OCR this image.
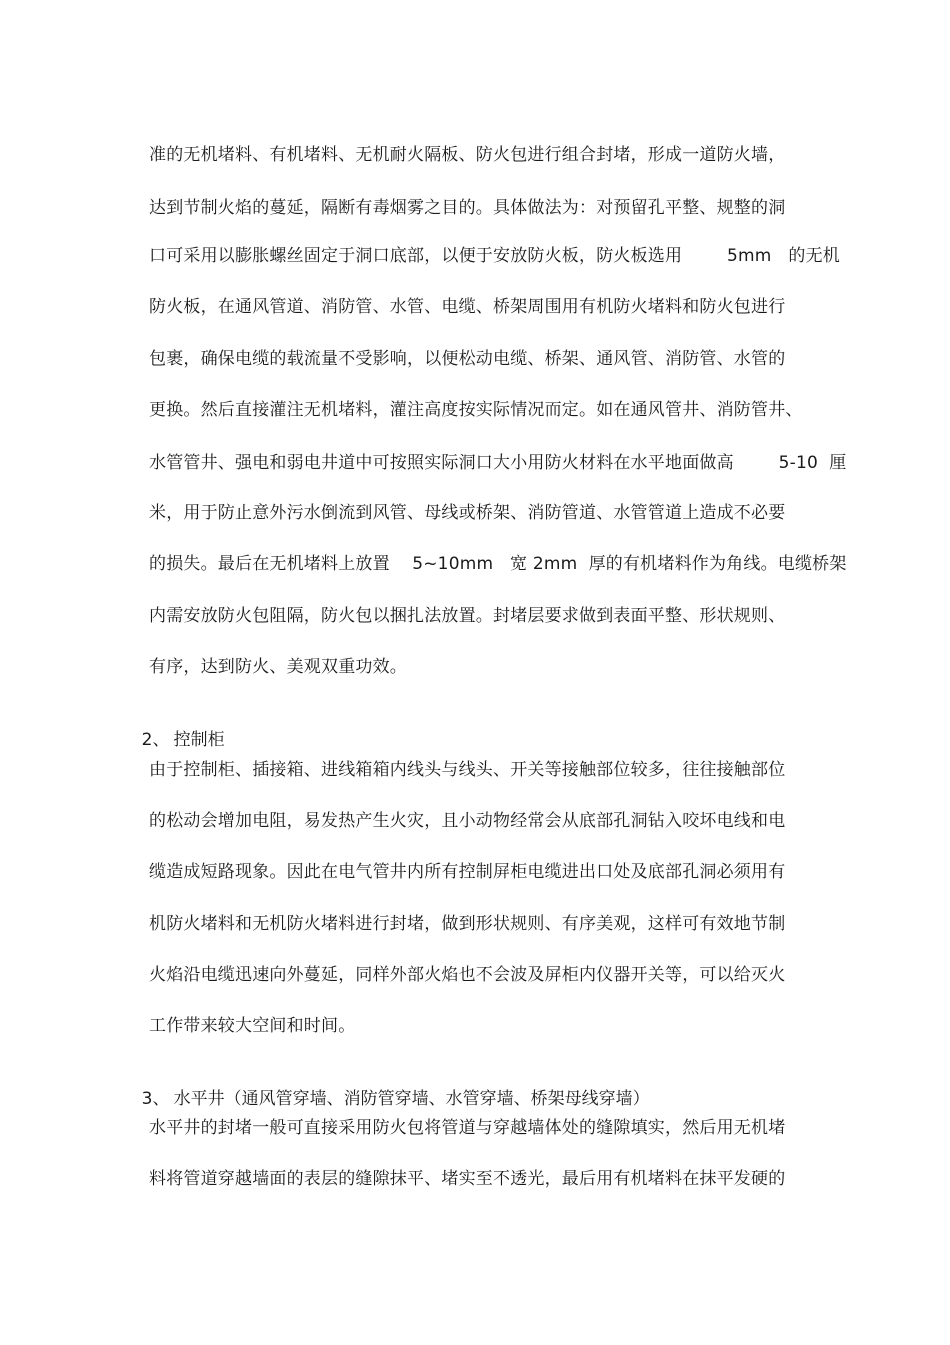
准的无机堵料、有机堵料、无机耐火隔板、防火包进行组合封堵，形成一道防火墙，
达到节制火焰的蔓延，隔断有毒烟雾之目的。具体做法为：对预留孔平整、规整的洞
口可采用以膨胀螺丝固定于洞口底部，以便于安放防火板，防火板选用        5mm   的无机
防火板，在通风管道、消防管、水管、电缆、桥架周围用有机防火堵料和防火包进行
包裹，确保电缆的载流量不受影响，以便松动电缆、桥架、通风管、消防管、水管的
更换。然后直接灌注无机堵料，灌注高度按实际情况而定。如在通风管井、消防管井、
水管管井、强电和弱电井道中可按照实际洞口大小用防火材料在水平地面做高        5-10  厘
米，用于防止意外污水倒流到风管、母线或桥架、消防管道、水管管道上造成不必要
的损失。最后在无机堵料上放置    5~10mm   宽 2mm  厚的有机堵料作为角线。电缆桥架
内需安放防火包阻隔，防火包以捆扎法放置。封堵层要求做到表面平整、形状规则、
有序，达到防火、美观双重功效。

2、 控制柜

由于控制柜、插接箱、进线箱箱内线头与线头、开关等接触部位较多，往往接触部位
的松动会增加电阻，易发热产生火灾，且小动物经常会从底部孔洞钻入咬坏电线和电
缆造成短路现象。因此在电气管井内所有控制屏柜电缆进出口处及底部孔洞必须用有
机防火堵料和无机防火堵料进行封堵，做到形状规则、有序美观，这样可有效地节制
火焰沿电缆迅速向外蔓延，同样外部火焰也不会波及屏柜内仪器开关等，可以给灭火
工作带来较大空间和时间。

3、 水平井（通风管穿墙、消防管穿墙、水管穿墙、桥架母线穿墙）

水平井的封堵一般可直接采用防火包将管道与穿越墙体处的缝隙填实，然后用无机堵
料将管道穿越墙面的表层的缝隙抹平、堵实至不透光，最后用有机堵料在抹平发硬的
